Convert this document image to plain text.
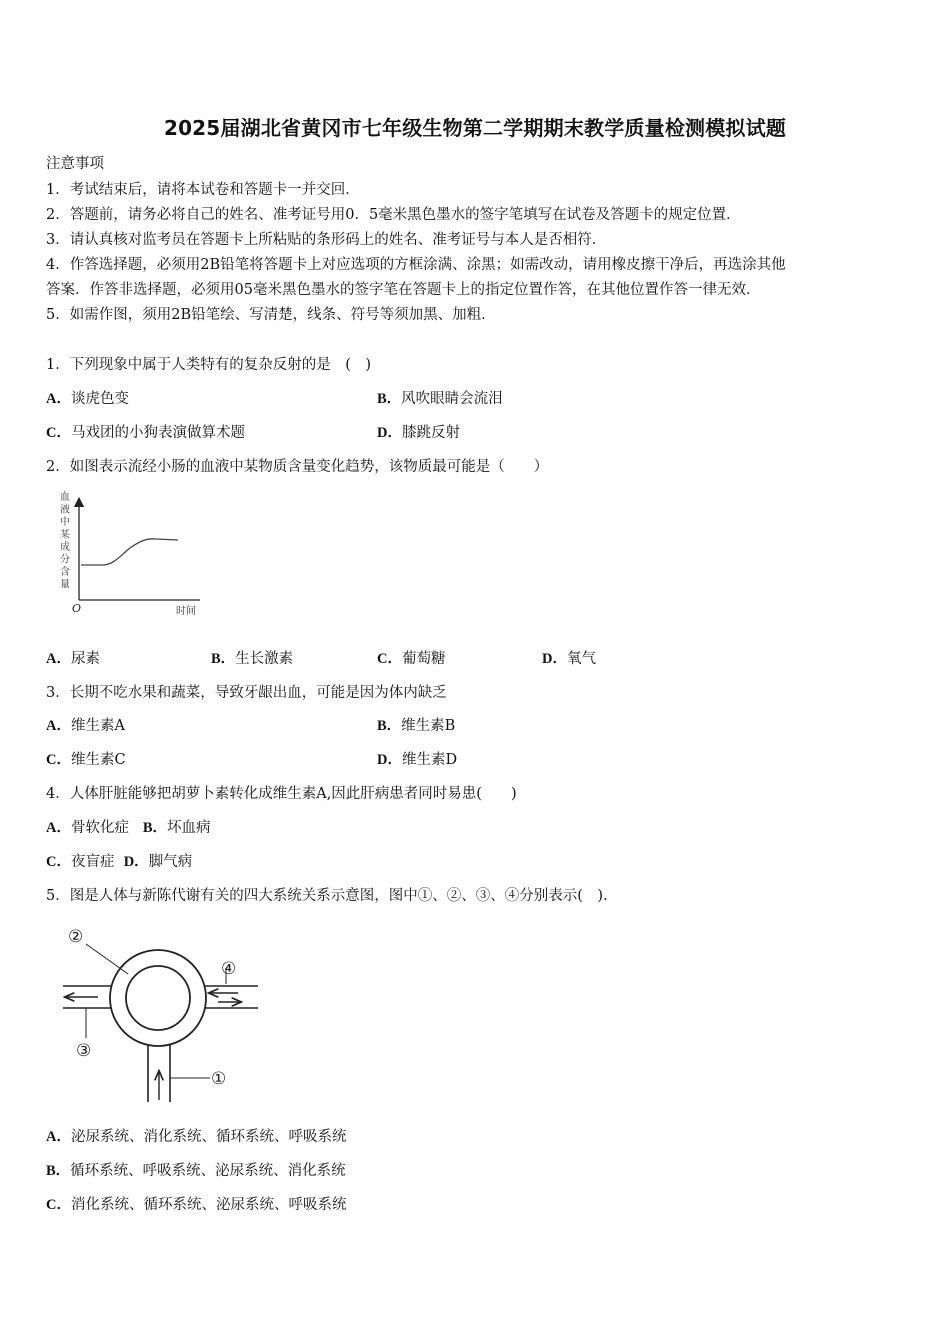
2025届湖北省黄冈市七年级生物第二学期期末教学质量检测模拟试题
注意事项
1．考试结束后，请将本试卷和答题卡一并交回．
2．答题前，请务必将自己的姓名、准考证号用0．5毫米黑色墨水的签字笔填写在试卷及答题卡的规定位置．
3．请认真核对监考员在答题卡上所粘贴的条形码上的姓名、准考证号与本人是否相符．
4．作答选择题，必须用2B铅笔将答题卡上对应选项的方框涂满、涂黑；如需改动，请用橡皮擦干净后，再选涂其他
答案．作答非选择题，必须用05毫米黑色墨水的签字笔在答题卡上的指定位置作答，在其他位置作答一律无效．
5．如需作图，须用2B铅笔绘、写清楚，线条、符号等须加黑、加粗．
1．下列现象中属于人类特有的复杂反射的是　(　)
A．谈虎色变	B．风吹眼睛会流泪
C．马戏团的小狗表演做算术题	D．膝跳反射
2．如图表示流经小肠的血液中某物质含量变化趋势，该物质最可能是（　　）
血液中某成分含量
O	时间
A．尿素	B．生长激素	C．葡萄糖	D．氧气
3．长期不吃水果和蔬菜，导致牙龈出血，可能是因为体内缺乏
A．维生素A	B．维生素B
C．维生素C	D．维生素D
4．人体肝脏能够把胡萝卜素转化成维生素A,因此肝病患者同时易患(　　)
A．骨软化症 B．坏血病
C．夜盲症 D．脚气病
5．图是人体与新陈代谢有关的四大系统关系示意图，图中①、②、③、④分别表示(　).
②
④
③
①
A．泌尿系统、消化系统、循环系统、呼吸系统
B．循环系统、呼吸系统、泌尿系统、消化系统
C．消化系统、循环系统、泌尿系统、呼吸系统
